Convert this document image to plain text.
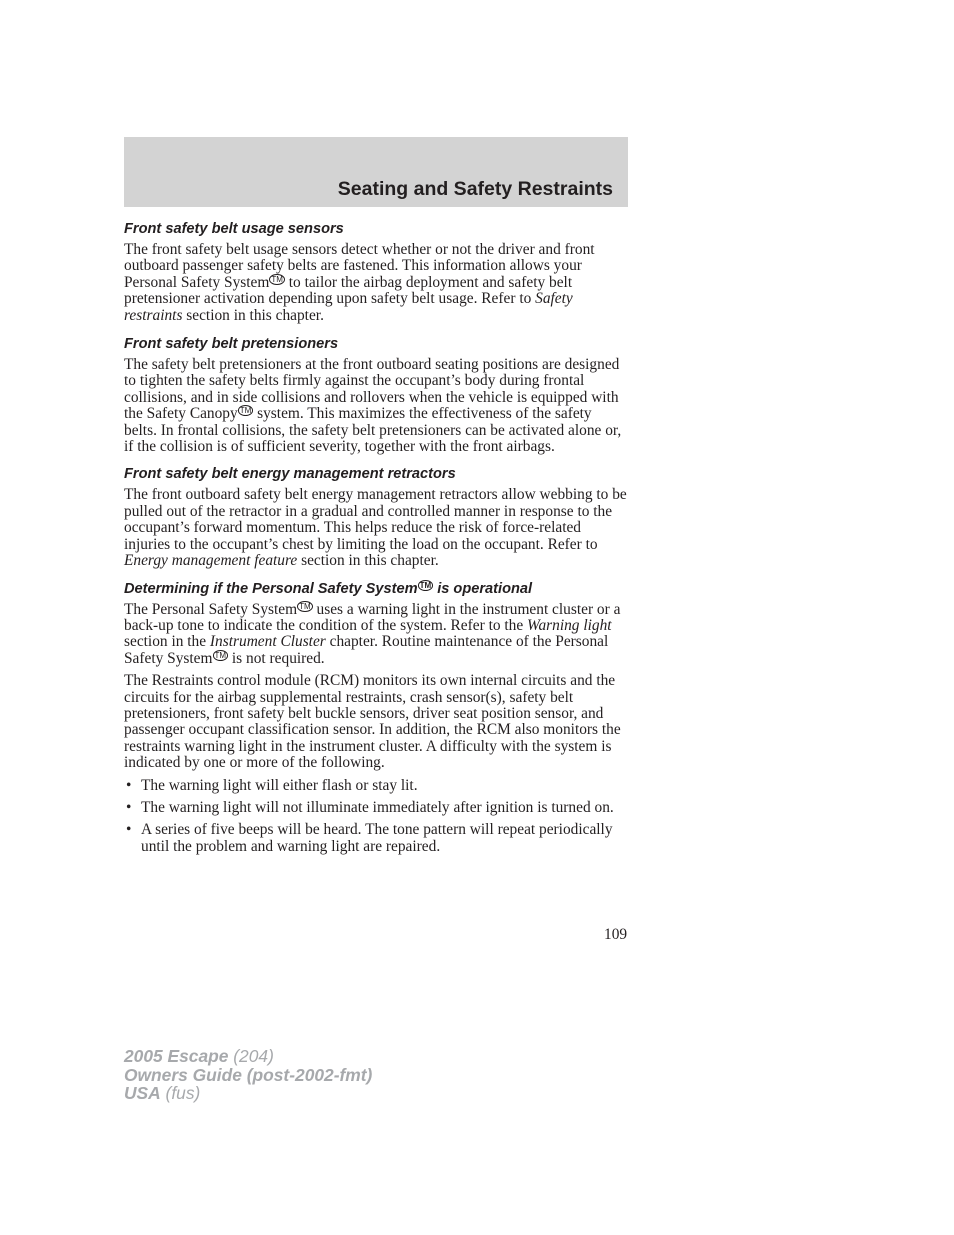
Seating and Safety Restraints
Front safety belt usage sensors

The front safety belt usage sensors detect whether or not the driver and front outboard passenger safety belts are fastened. This information allows your Personal Safety System ™ to tailor the airbag deployment and safety belt pretensioner activation depending upon safety belt usage. Refer to Safety restraints section in this chapter.

Front safety belt pretensioners

The safety belt pretensioners at the front outboard seating positions are designed to tighten the safety belts firmly against the occupant’s body during frontal collisions, and in side collisions and rollovers when the vehicle is equipped with the Safety Canopy ™ system. This maximizes the effectiveness of the safety belts. In frontal collisions, the safety belt pretensioners can be activated alone or, if the collision is of sufficient severity, together with the front airbags.

Front safety belt energy management retractors

The front outboard safety belt energy management retractors allow webbing to be pulled out of the retractor in a gradual and controlled manner in response to the occupant’s forward momentum. This helps reduce the risk of force-related injuries to the occupant’s chest by limiting the load on the occupant. Refer to Energy management feature section in this chapter.

Determining if the Personal Safety System ™ is operational

The Personal Safety System ™ uses a warning light in the instrument cluster or a back-up tone to indicate the condition of the system. Refer to the Warning light section in the Instrument Cluster chapter. Routine maintenance of the Personal Safety System ™ is not required.

The Restraints control module (RCM) monitors its own internal circuits and the circuits for the airbag supplemental restraints, crash sensor(s), safety belt pretensioners, front safety belt buckle sensors, driver seat position sensor, and passenger occupant classification sensor. In addition, the RCM also monitors the restraints warning light in the instrument cluster. A difficulty with the system is indicated by one or more of the following.

• The warning light will either flash or stay lit.
• The warning light will not illuminate immediately after ignition is turned on.
• A series of five beeps will be heard. The tone pattern will repeat periodically until the problem and warning light are repaired.
109
2005 Escape (204)
Owners Guide (post-2002-fmt)
USA (fus)
